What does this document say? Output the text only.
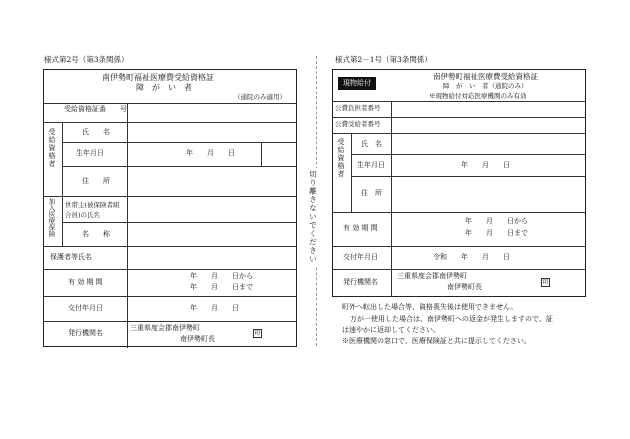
様式第2号（第3条関係）
南伊勢町福祉医療費受給資格証
障　が　い　者
（通院のみ適用）
受給資格証番　　号
受給資格者	氏　　名
生年月日	年　　月　　日
住　　所
加入医療保険 世帯主(被保険者組合員)の氏名
名　　称
保護者等氏名
有 効 期 間
年　　月　　日から
年　　月　　日まで
交付年月日	年　　月　　日
発行機関名
三重県度会郡南伊勢町
南伊勢町長
印
切り離さないでください
様式第2－1号（第3条関係）
現物給付
南伊勢町福祉医療費受給資格証
障　が　い　者（通院のみ）
※現物給付対応医療機関のみ有効
公費負担者番号
公費受給者番号
受給資格者 氏　名
生年月日	年　　月　　日
住　所
有 効 期 間
年　　月　　日から
年　　月　　日まで
交付年月日	令和　　年　　月　　日
発行機関名
三重県度会郡南伊勢町
南伊勢町長
印
町外へ転出した場合等、資格喪失後は使用できません。
万が一使用した場合は、南伊勢町への返金が発生しますので、証
は速やかに返却してください。
※医療機関の窓口で、医療保険証と共に提示してください。
